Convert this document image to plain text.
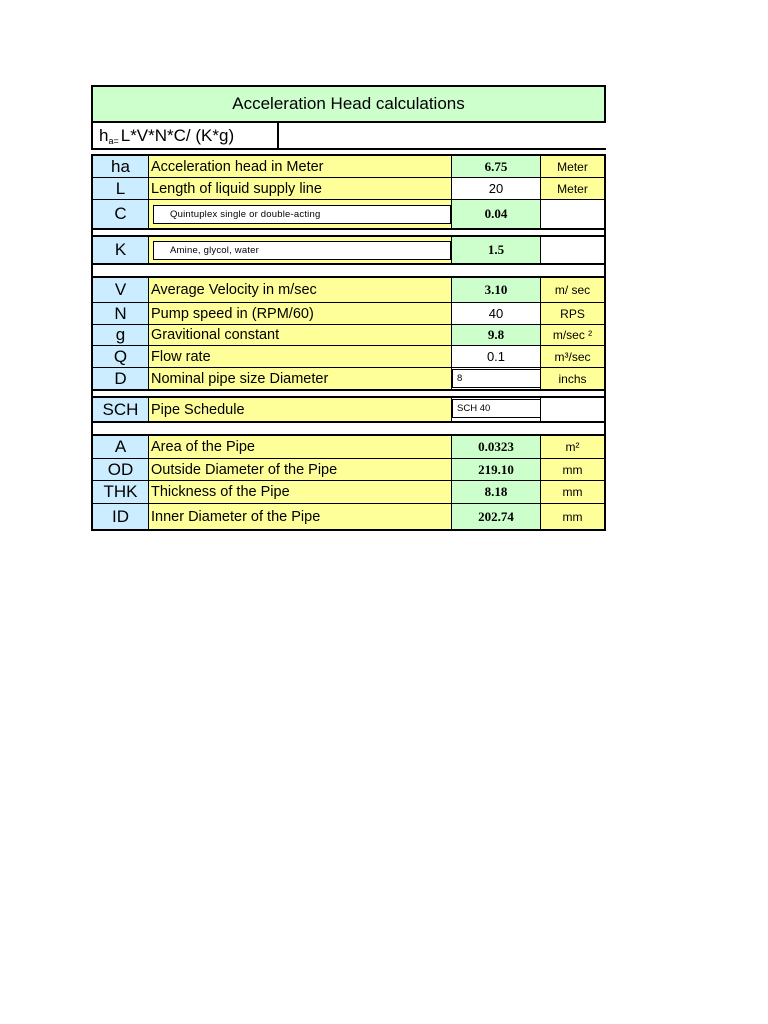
Acceleration Head calculations
$h_{a=}$ L*V*N*C/ (K*g)
ha	Acceleration head in Meter	6.75	Meter
L	Length of liquid supply line	20	Meter
C	Quintuplex single or double-acting	0.04
K	Amine, glycol, water	1.5
V	Average Velocity in m/sec	3.10	m/ sec
N	Pump speed in (RPM/60)	40	RPS
g	Gravitional constant	9.8	m/sec ²
Q	Flow rate	0.1	m³/sec
D	Nominal pipe size Diameter	8	inchs
SCH Pipe Schedule	SCH 40
A	Area of the Pipe	0.0323	m²
OD	Outside Diameter of the Pipe	219.10	mm
THK Thickness of the Pipe	8.18	mm
ID	Inner Diameter of the Pipe	202.74	mm
